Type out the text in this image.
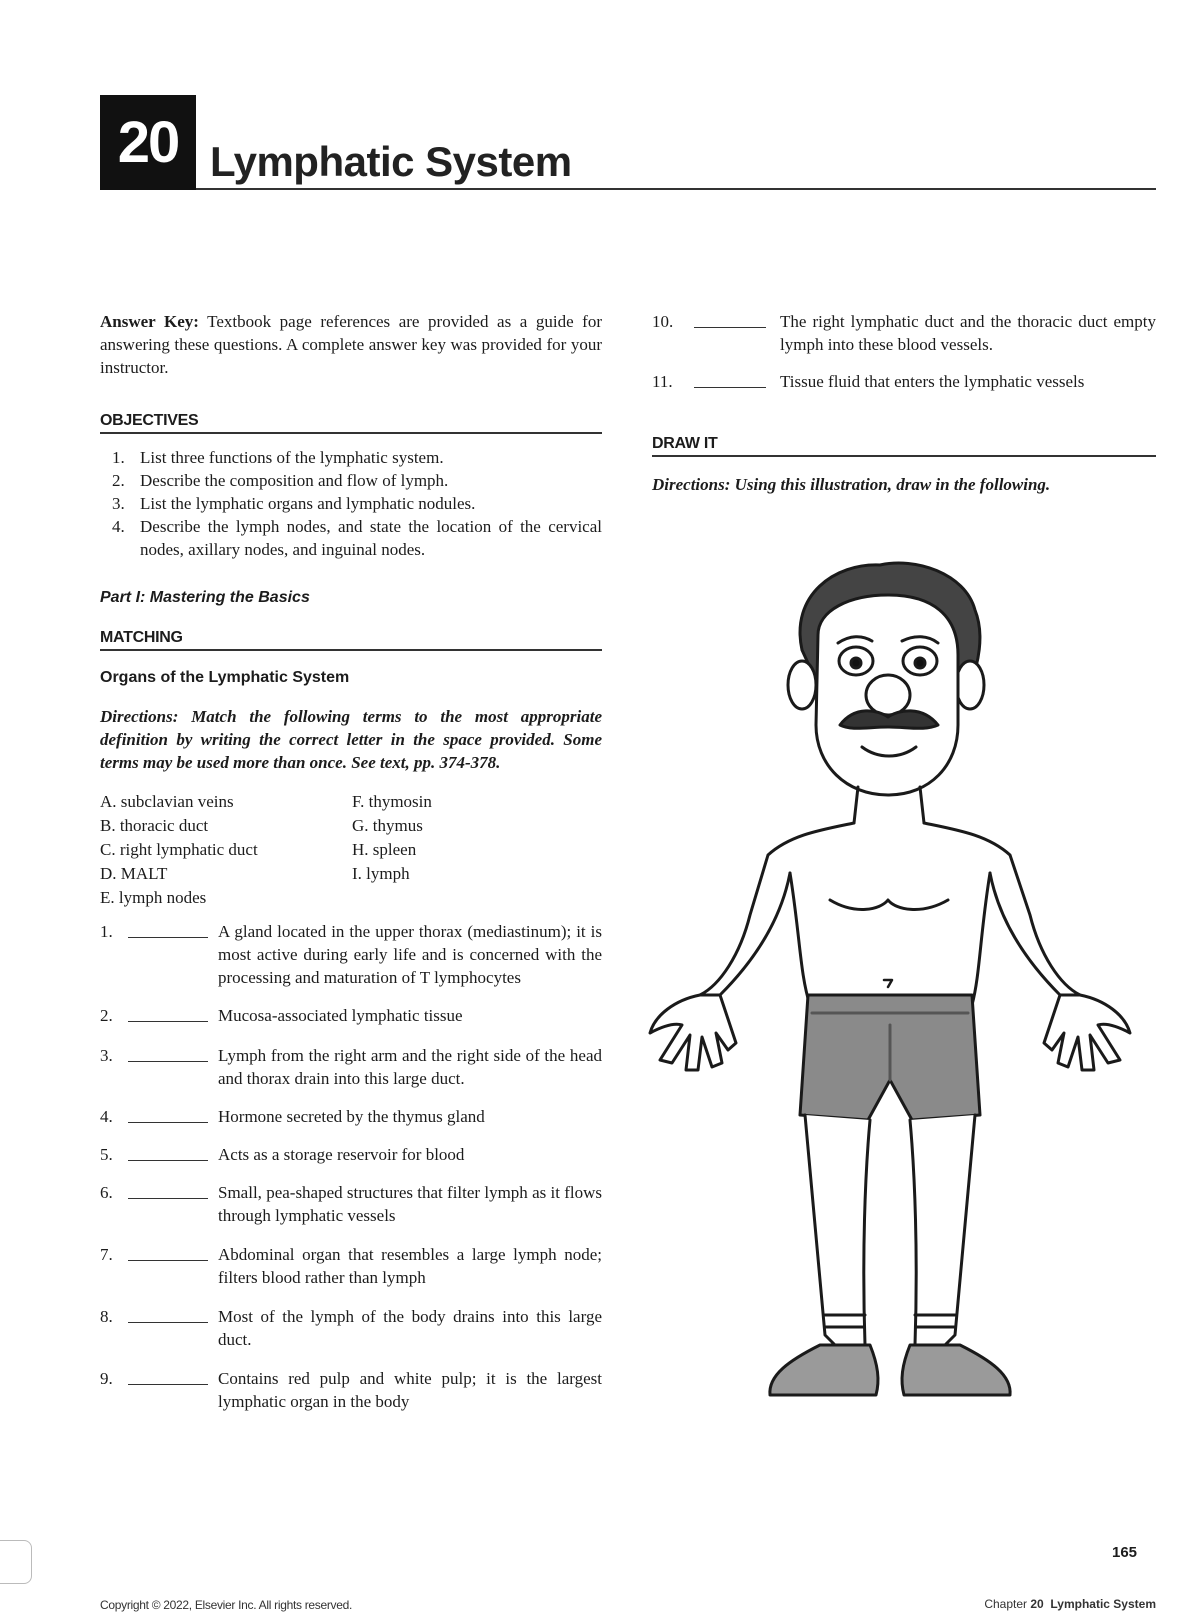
20 Lymphatic System

Answer Key: Textbook page references are provided as a guide for answering these questions. A complete answer key was provided for your instructor.

OBJECTIVES
1. List three functions of the lymphatic system.
2. Describe the composition and flow of lymph.
3. List the lymphatic organs and lymphatic nodules.
4. Describe the lymph nodes, and state the location of the cervical nodes, axillary nodes, and inguinal nodes.
Part I: Mastering the Basics
MATCHING
Organs of the Lymphatic System
Directions: Match the following terms to the most appropriate definition by writing the correct letter in the space provided. Some terms may be used more than once. See text, pp. 374-378.
A. subclavian veins
B. thoracic duct
C. right lymphatic duct
D. MALT
E. lymph nodes
F. thymosin
G. thymus
H. spleen
I. lymph
1.	A gland located in the upper thorax (mediastinum); it is most active during early life and is concerned with the processing and maturation of T lymphocytes
2.	Mucosa-associated lymphatic tissue
3.	Lymph from the right arm and the right side of the head and thorax drain into this large duct.
4.	Hormone secreted by the thymus gland
5.	Acts as a storage reservoir for blood
6.	Small, pea-shaped structures that filter lymph as it flows through lymphatic vessels
7.	Abdominal organ that resembles a large lymph node; filters blood rather than lymph
8.	Most of the lymph of the body drains into this large duct.
9.	Contains red pulp and white pulp; it is the largest lymphatic organ in the body
10.	The right lymphatic duct and the thoracic duct empty lymph into these blood vessels.
11.	Tissue fluid that enters the lymphatic vessels
DRAW IT
Directions: Using this illustration, draw in the following.
165
Copyright © 2022, Elsevier Inc. All rights reserved.	Chapter 20 Lymphatic System
